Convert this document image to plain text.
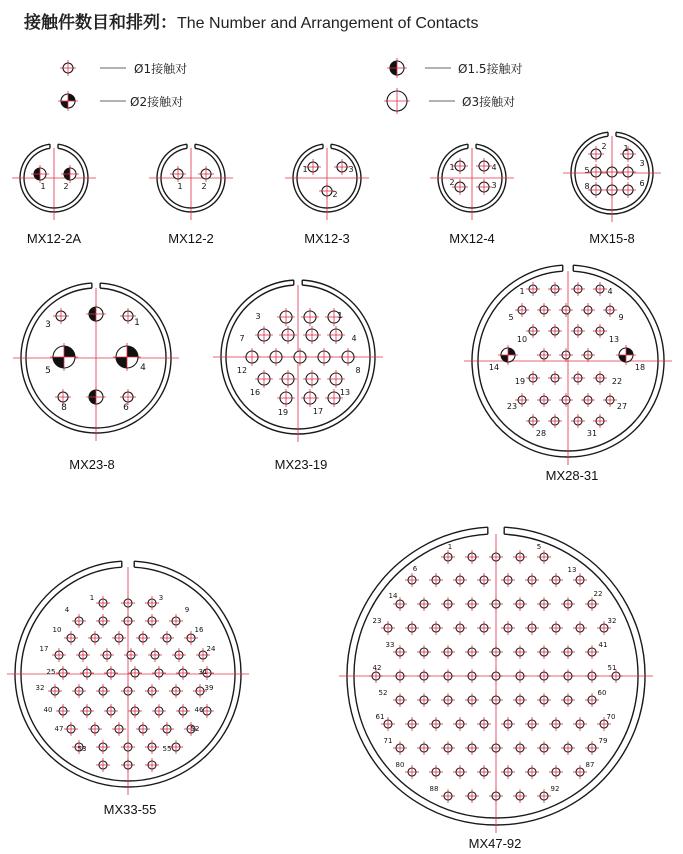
接触件数目和排列：The Number and Arrangement of Contacts
Ø1接触对	Ø1.5接触对
Ø2接触对	Ø3接触对
MX12-2A	MX12-2	MX12-3	MX12-4	MX15-8
MX23-8	MX23-19
MX28-31
MX33-55
MX47-92
1 2	1 2
1	3
2
1	4
2	3
2 1
5
3
8	6
3	1
5	4
8	6
3	1
7	4
12	8
16	13
19	17
1	4
5	9
10	13
14	18
19	22
23	27
28	31
1	3
4	9
10	16
17	24
25	31
32	39
40	46
47	52
53	55
1	5
6	13
14	22
23	32
33	41
42	51
52	60
61	70
71	79
80	87
88	92
